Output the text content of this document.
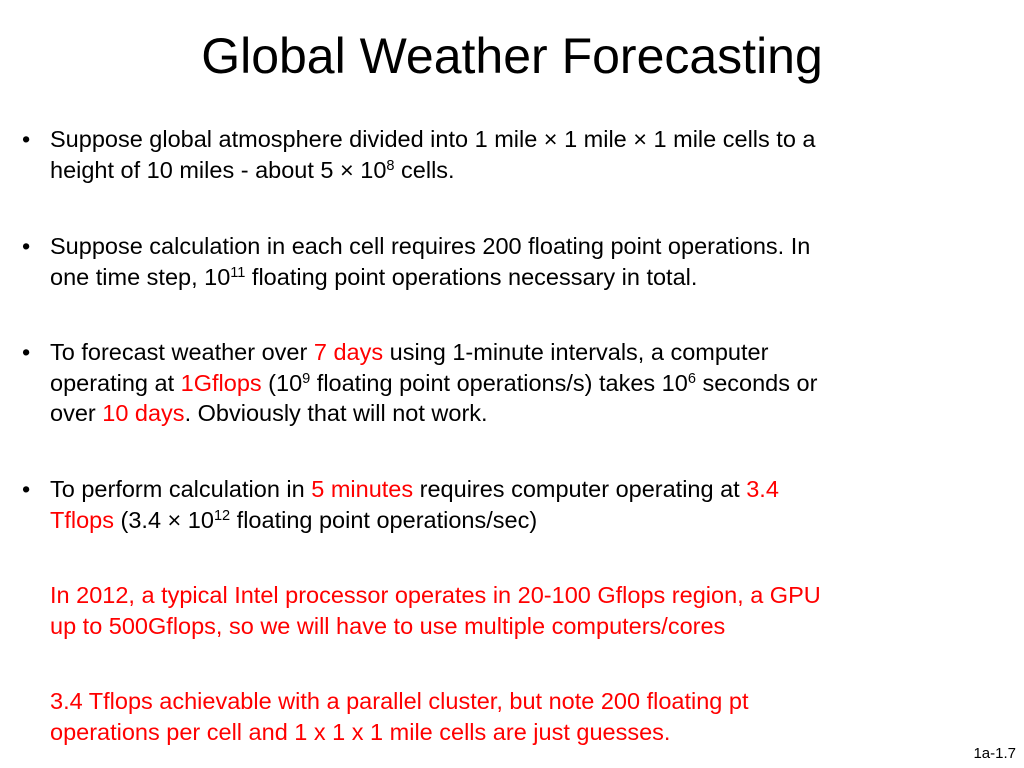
Global Weather Forecasting
• Suppose global atmosphere divided into 1 mile × 1 mile × 1 mile cells to a
height of 10 miles - about $5 \times 10^8$ cells.
• Suppose calculation in each cell requires 200 floating point operations. In
one time step, $10^{11}$ floating point operations necessary in total.
• To forecast weather over 7 days using 1-minute intervals, a computer
operating at 1Gflops ($10^9$ floating point operations/s) takes $10^6$ seconds or
over 10 days. Obviously that will not work.
• To perform calculation in 5 minutes requires computer operating at 3.4
Tflops ($3.4 \times 10^{12}$ floating point operations/sec)
In 2012, a typical Intel processor operates in 20-100 Gflops region, a GPU
up to 500Gflops, so we will have to use multiple computers/cores
3.4 Tflops achievable with a parallel cluster, but note 200 floating pt
operations per cell and 1 x 1 x 1 mile cells are just guesses.
1a-1.7
